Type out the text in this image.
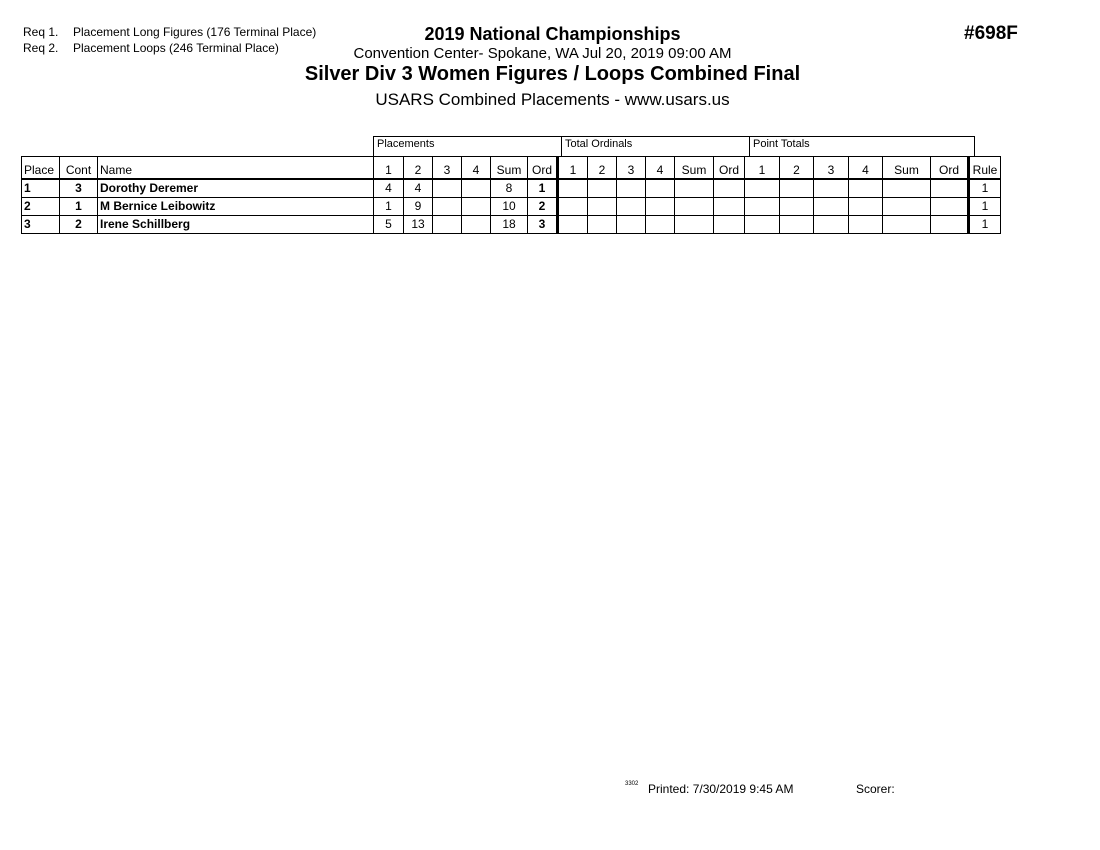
Req 1. Placement Long Figures (176 Terminal Place)
Req 2. Placement Loops (246 Terminal Place)
2019 National Championships
Convention Center- Spokane, WA Jul 20, 2019 09:00 AM
Silver Div 3 Women Figures / Loops Combined Final
USARS Combined Placements - www.usars.us
#698F
Placements	Total Ordinals	Point Totals
Place	Cont	Name	1	2	3	4	Sum	Ord	1	2	3	4	Sum	Ord	1	2	3	4	Sum	Ord	Rule
1	3	Dorothy Deremer	4	4			8	1													1
2	1	M Bernice Leibowitz	1	9			10	2													1
3	2	Irene Schillberg	5	13			18	3													1
3302 Printed: 7/30/2019 9:45 AM	Scorer:
